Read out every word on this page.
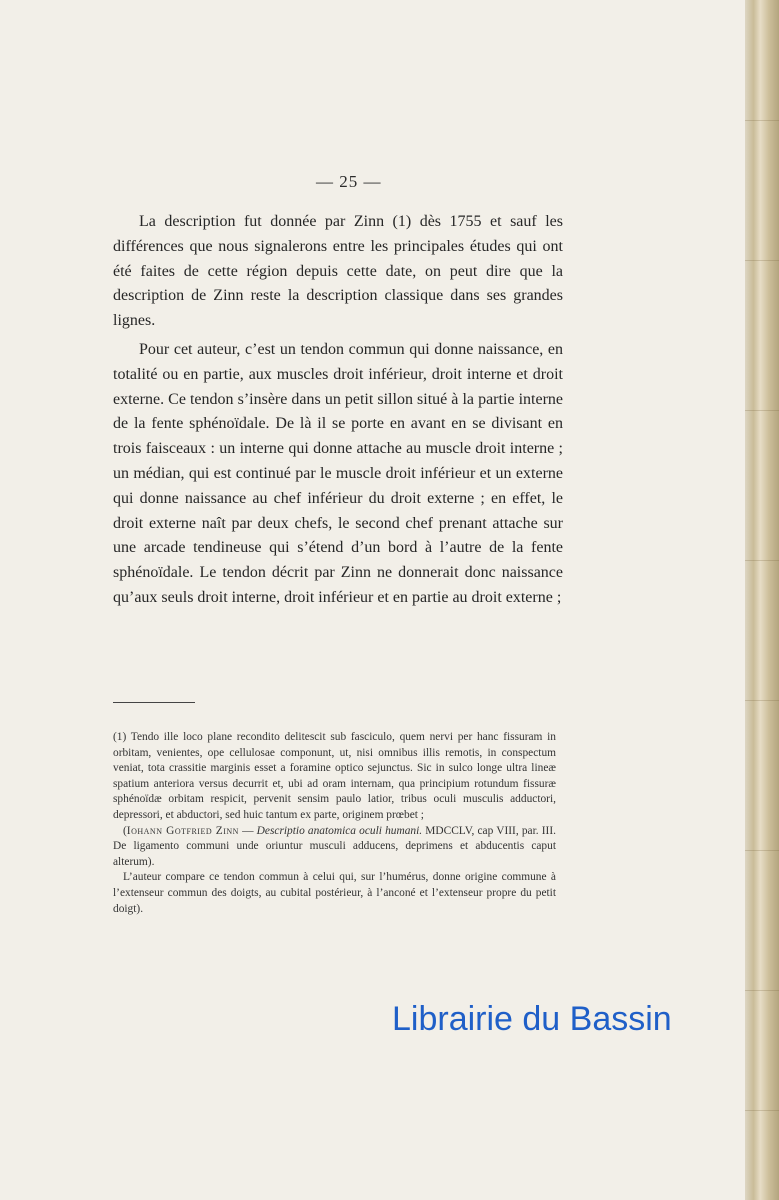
— 25 —

La description fut donnée par Zinn (1) dès 1755 et sauf les différences que nous signalerons entre les principales études qui ont été faites de cette région depuis cette date, on peut dire que la description de Zinn reste la description classique dans ses grandes lignes.

Pour cet auteur, c’est un tendon commun qui donne naissance, en totalité ou en partie, aux muscles droit inférieur, droit interne et droit externe. Ce tendon s’insère dans un petit sillon situé à la partie interne de la fente sphénoïdale. De là il se porte en avant en se divisant en trois faisceaux : un interne qui donne attache au muscle droit interne ; un médian, qui est continué par le muscle droit inférieur et un externe qui donne naissance au chef inférieur du droit externe ; en effet, le droit externe naît par deux chefs, le second chef prenant attache sur une arcade tendineuse qui s’étend d’un bord à l’autre de la fente sphénoïdale. Le tendon décrit par Zinn ne donnerait donc naissance qu’aux seuls droit interne, droit inférieur et en partie au droit externe ;

(1) Tendo ille loco plane recondito delitescit sub fasciculo, quem nervi per hanc fissuram in orbitam, venientes, ope cellulosae componunt, ut, nisi omnibus illis remotis, in conspectum veniat, tota crassitie marginis esset a foramine optico sejunctus. Sic in sulco longe ultra lineæ spatium anteriora versus decurrit et, ubi ad oram internam, qua principium rotundum fissuræ sphénoïdæ orbitam respicit, pervenit sensim paulo latior, tribus oculi musculis adductori, depressori, et abductori, sed huic tantum ex parte, originem prœbet ;

(Iohann Gotfried Zinn — Descriptio anatomica oculi humani. MDCCLV, cap VIII, par. III. De ligamento communi unde oriuntur musculi adducens, deprimens et abducentis caput alterum).

L’auteur compare ce tendon commun à celui qui, sur l’humérus, donne origine commune à l’extenseur commun des doigts, au cubital postérieur, à l’anconé et l’extenseur propre du petit doigt).

Librairie du Bassin
